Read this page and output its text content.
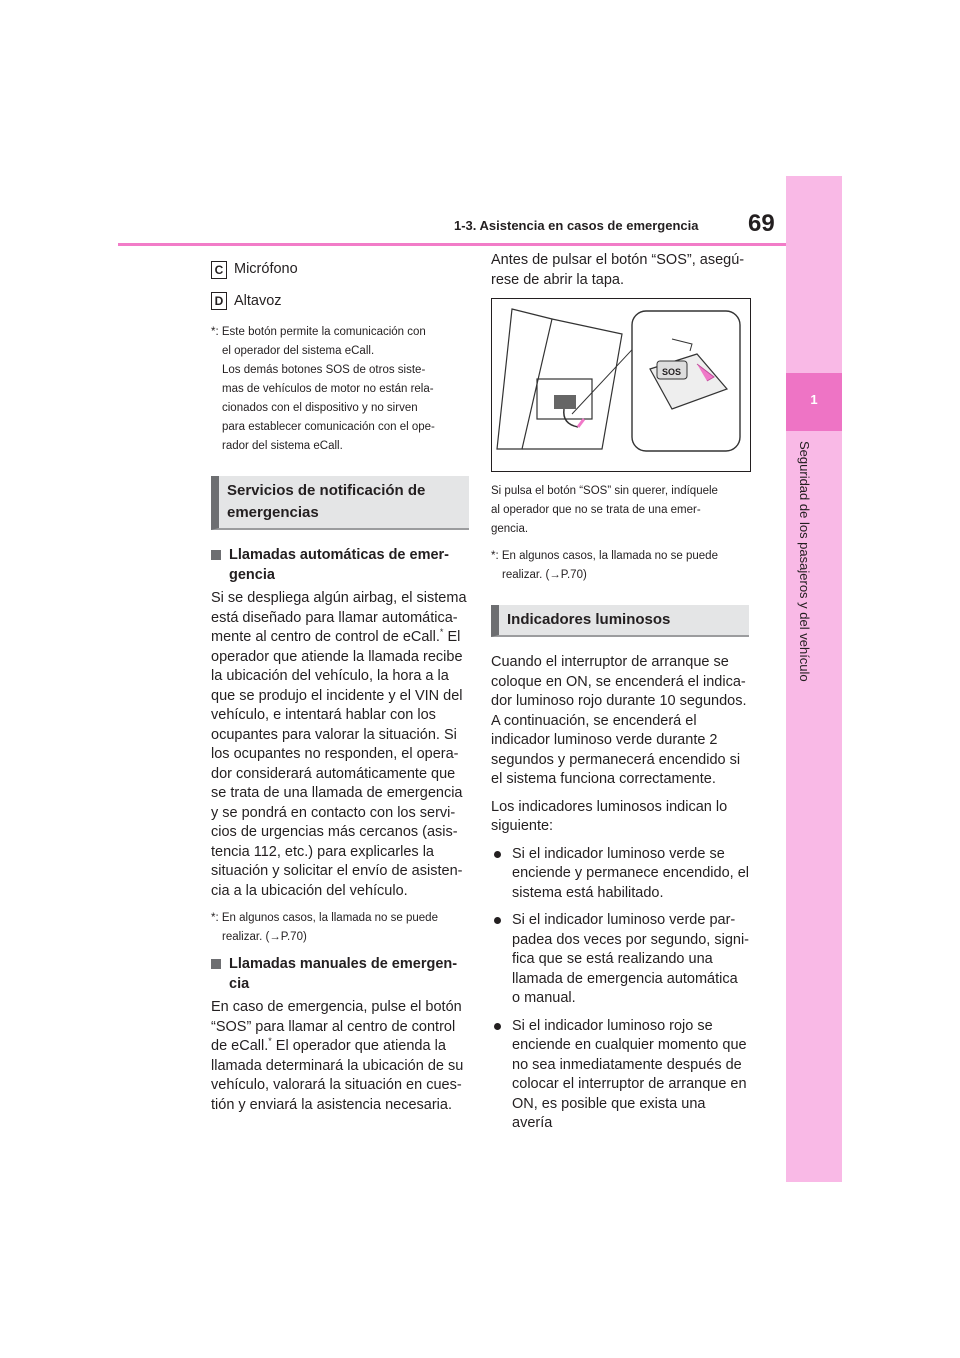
1
Seguridad de los pasajeros y del vehículo
1-3. Asistencia en casos de emergencia 69
C Micrófono
D Altavoz
*: Este botón permite la comunicación con
el operador del sistema eCall.
Los demás botones SOS de otros siste-
mas de vehículos de motor no están rela-
cionados con el dispositivo y no sirven
para establecer comunicación con el ope-
rador del sistema eCall.
Servicios de notificación de emergencias
Llamadas automáticas de emer-gencia

Si se despliega algún airbag, el sistema está diseñado para llamar automática-mente al centro de control de eCall.* El operador que atiende la llamada recibe la ubicación del vehículo, la hora a la que se produjo el incidente y el VIN del vehículo, e intentará hablar con los ocupantes para valorar la situación. Si los ocupantes no responden, el opera-dor considerará automáticamente que se trata de una llamada de emergencia y se pondrá en contacto con los servi-cios de urgencias más cercanos (asis-tencia 112, etc.) para explicarles la situación y solicitar el envío de asisten-cia a la ubicación del vehículo.

*: En algunos casos, la llamada no se puede
realizar. (→P.70)
Llamadas manuales de emergen-cia

En caso de emergencia, pulse el botón “SOS” para llamar al centro de control de eCall.* El operador que atienda la llamada determinará la ubicación de su vehículo, valorará la situación en cues-tión y enviará la asistencia necesaria.

Antes de pulsar el botón “SOS”, asegú-rese de abrir la tapa.

SOS
Si pulsa el botón “SOS” sin querer, indíquele
al operador que no se trata de una emer-
gencia.
*: En algunos casos, la llamada no se puede
realizar. (→P.70)
Indicadores luminosos

Cuando el interruptor de arranque se coloque en ON, se encenderá el indica-dor luminoso rojo durante 10 segundos. A continuación, se encenderá el indicador luminoso verde durante 2 segundos y permanecerá encendido si el sistema funciona correctamente.

Los indicadores luminosos indican lo siguiente:

Si el indicador luminoso verde se enciende y permanece encendido, el sistema está habilitado.
Si el indicador luminoso verde par-padea dos veces por segundo, signi-fica que se está realizando una llamada de emergencia automática o manual.
Si el indicador luminoso rojo se enciende en cualquier momento que no sea inmediatamente después de colocar el interruptor de arranque en ON, es posible que exista una avería
